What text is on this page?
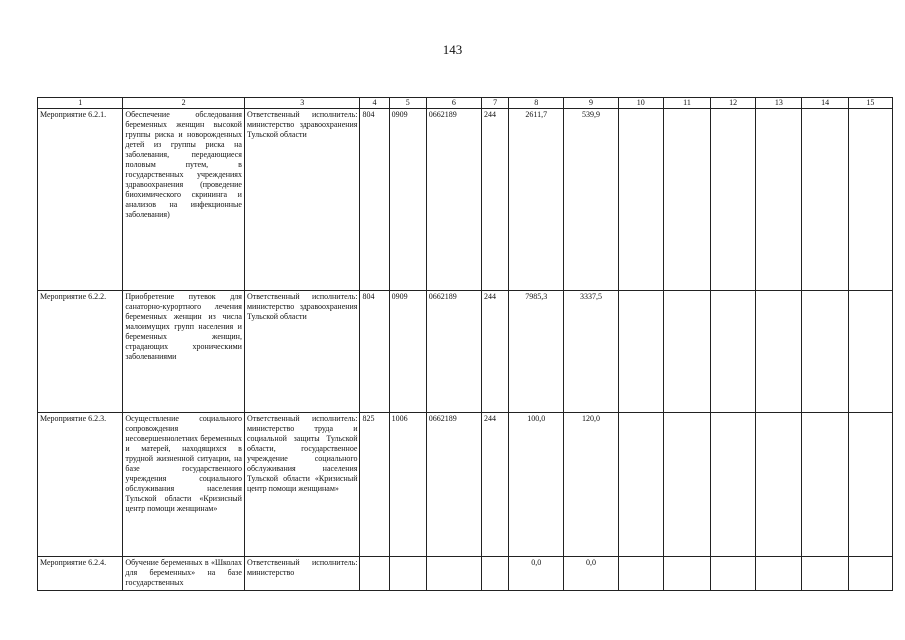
143
1	2	3	4	5	6	7	8	9	10	11	12	13	14	15
Мероприятие 6.2.1.	Обеспечение обследования беременных женщин высокой группы риска и новорожденных детей из группы риска на заболевания, передающиеся половым путем, в государственных учреждениях здравоохранения (проведение биохимического скрининга и анализов на инфекционные заболевания)	Ответственный исполнитель: министерство здравоохранения Тульской области	804	0909	0662189	244	2611,7	539,9						
Мероприятие 6.2.2.	Приобретение путевок для санаторно-курортного лечения беременных женщин из числа малоимущих групп населения и беременных женщин, страдающих хроническими заболеваниями	Ответственный исполнитель: министерство здравоохранения Тульской области	804	0909	0662189	244	7985,3	3337,5						
Мероприятие 6.2.3.	Осуществление социального сопровождения несовершеннолетних беременных и матерей, находящихся в трудной жизненной ситуации, на базе государственного учреждения социального обслуживания населения Тульской области «Кризисный центр помощи женщинам»	Ответственный исполнитель: министерство труда и социальной защиты Тульской области, государственное учреждение социального обслуживания населения Тульской области «Кризисный центр помощи женщинам»	825	1006	0662189	244	100,0	120,0						
Мероприятие 6.2.4.	Обучение беременных в «Школах для беременных» на базе государственных	Ответственный исполнитель: министерство					0,0	0,0						
